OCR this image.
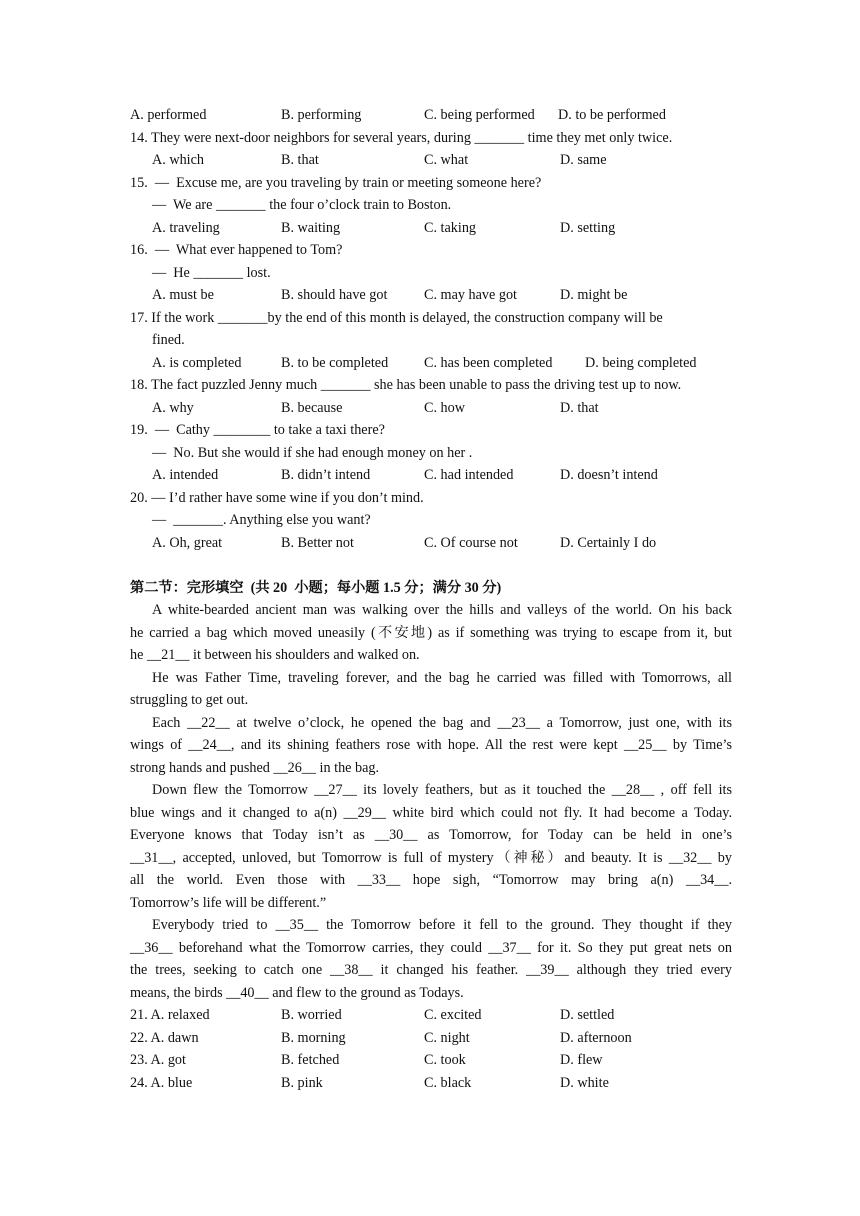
A. performed	B. performing	C. being performed D. to be performed
14. They were next-door neighbors for several years, during _______ time they met only twice.
A. which	B. that	C. what	D. same
15.  —  Excuse me, are you traveling by train or meeting someone here?
—  We are _______ the four o’clock train to Boston.
A. traveling	B. waiting	C. taking	D. setting
16.  —  What ever happened to Tom?
—  He _______ lost.
A. must be	B. should have got	C. may have got	D. might be
17. If the work _______by the end of this month is delayed, the construction company will be
fined.
A. is completed	B. to be completed	C. has been completed D. being completed
18. The fact puzzled Jenny much _______ she has been unable to pass the driving test up to now.
A. why	B. because	C. how	D. that
19.  —  Cathy ________ to take a taxi there?
—  No. But she would if she had enough money on her .
A. intended	B. didn’t intend	C. had intended	D. doesn’t intend
20. — I’d rather have some wine if you don’t mind.
—  _______. Anything else you want?
A. Oh, great	B. Better not	C. Of course not	D. Certainly I do
第二节：完形填空  (共 20  小题；每小题 1.5 分；满分 30 分)
A white-bearded ancient man was walking over the hills and valleys of the world. On his back
he carried a bag which moved uneasily (不安地) as if something was trying to escape from it, but
he __21__ it between his shoulders and walked on.
He was Father Time, traveling forever, and the bag he carried was filled with Tomorrows, all
struggling to get out.
Each __22__ at twelve o’clock, he opened the bag and __23__ a Tomorrow, just one, with its
wings of __24__, and its shining feathers rose with hope. All the rest were kept __25__ by Time’s
strong hands and pushed __26__ in the bag.
Down flew the Tomorrow __27__ its lovely feathers, but as it touched the __28__ , off fell its
blue wings and it changed to a(n) __29__ white bird which could not fly. It had become a Today.
Everyone knows that Today isn’t as __30__ as Tomorrow, for Today can be held in one’s
__31__, accepted, unloved, but Tomorrow is full of mystery（神秘）and beauty. It is __32__ by
all the world. Even those with __33__ hope sigh, “Tomorrow may bring a(n) __34__.
Tomorrow’s life will be different.”
Everybody tried to __35__ the Tomorrow before it fell to the ground. They thought if they
__36__ beforehand what the Tomorrow carries, they could __37__ for it. So they put great nets on
the trees, seeking to catch one __38__ it changed his feather. __39__ although they tried every
means, the birds __40__ and flew to the ground as Todays.
21. A. relaxed	B. worried	C. excited	D. settled
22. A. dawn	B. morning	C. night	D. afternoon
23. A. got	B. fetched	C. took	D. flew
24. A. blue	B. pink	C. black	D. white
